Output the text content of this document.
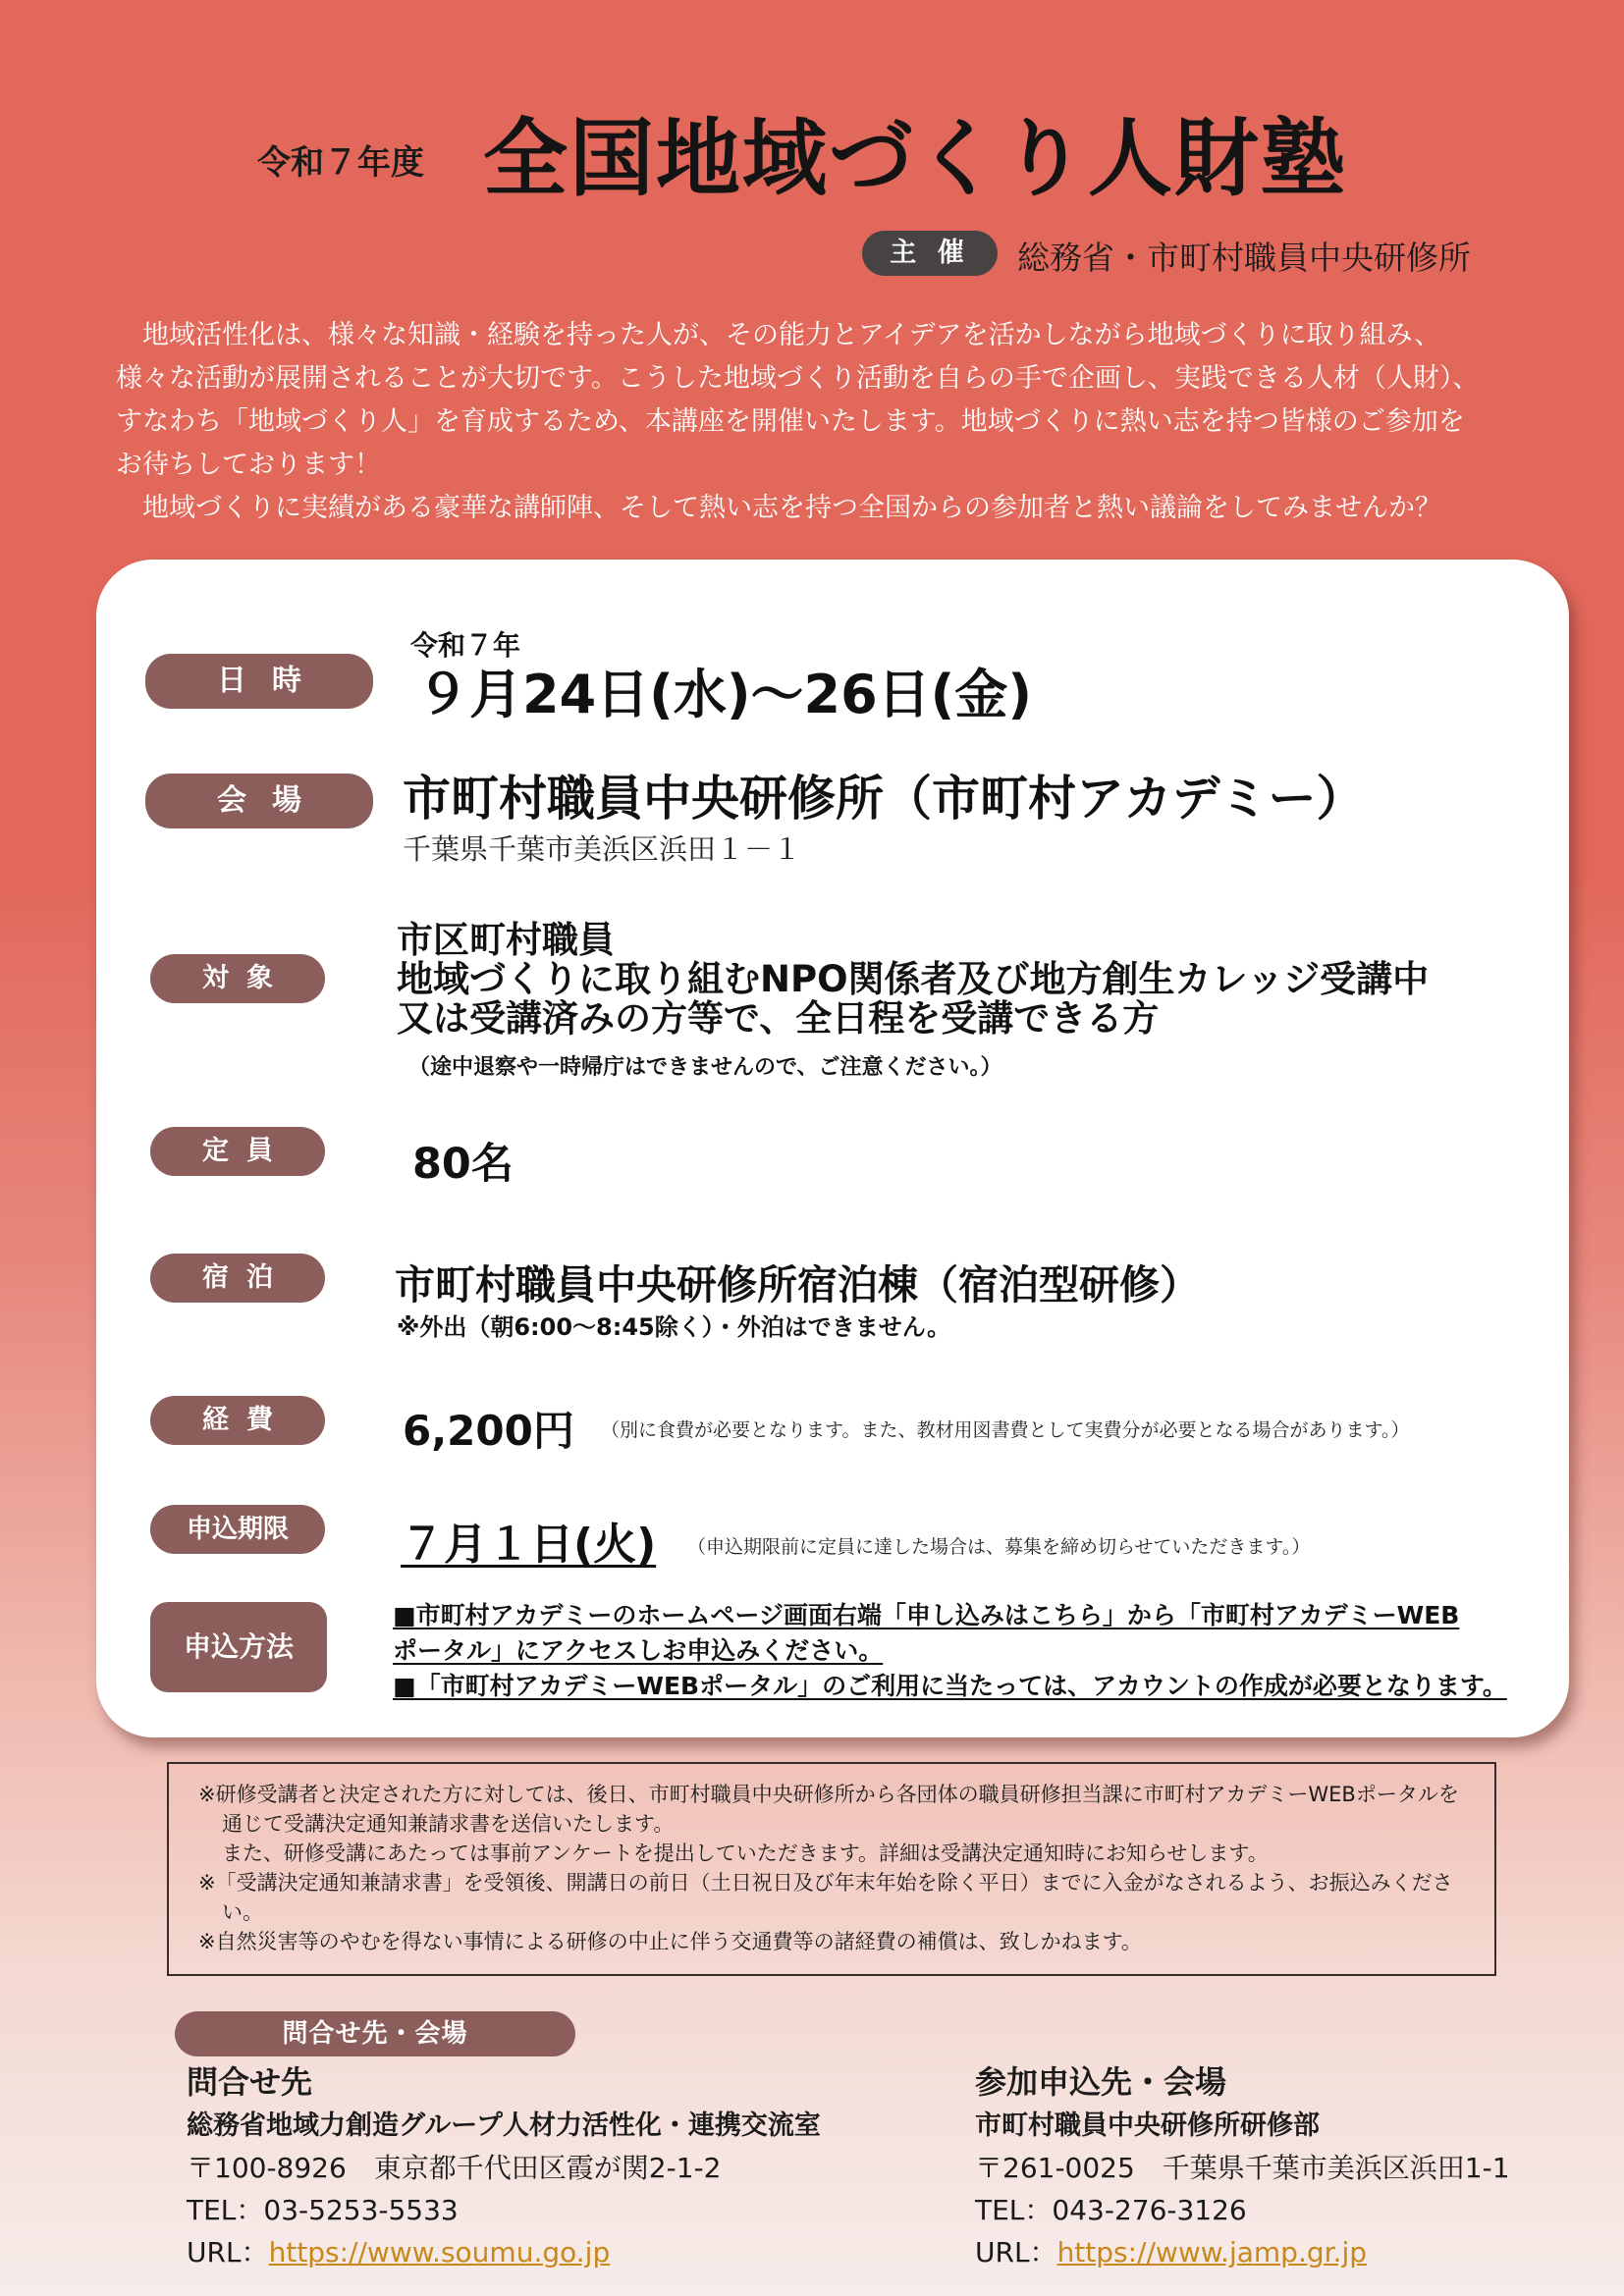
令和７年度 全国地域づくり人財塾
主 催	総務省・市町村職員中央研修所

地域活性化は、様々な知識・経験を持った人が、その能力とアイデアを活かしながら地域づくりに取り組み、

様々な活動が展開されることが大切です。こうした地域づくり活動を自らの手で企画し、実践できる人材（人財）、

すなわち「地域づくり人」を育成するため、本講座を開催いたします。地域づくりに熱い志を持つ皆様のご参加を

お待ちしております！

地域づくりに実績がある豪華な講師陣、そして熱い志を持つ全国からの参加者と熱い議論をしてみませんか？

日時
令和７年
９月24日(水)～26日(金)
会場	市町村職員中央研修所（市町村アカデミー）
千葉県千葉市美浜区浜田１－１
対象
市区町村職員
地域づくりに取り組むNPO関係者及び地方創生カレッジ受講中
又は受講済みの方等で、全日程を受講できる方
（途中退察や一時帰庁はできませんので、ご注意ください。）
定員	80名
宿泊	市町村職員中央研修所宿泊棟（宿泊型研修）
※外出（朝6:00～8:45除く）・外泊はできません。
経費	6,200円 （別に食費が必要となります。また、教材用図書費として実費分が必要となる場合があります。）
申込期限	７月１日(火) （申込期限前に定員に達した場合は、募集を締め切らせていただきます。）
申込方法
■市町村アカデミーのホームページ画面右端「申し込みはこちら」から「市町村アカデミーWEB
ポータル」にアクセスしお申込みください。
■「市町村アカデミーWEBポータル」のご利用に当たっては、アカウントの作成が必要となります。
※研修受講者と決定された方に対しては、後日、市町村職員中央研修所から各団体の職員研修担当課に市町村アカデミーWEBポータルを通じて受講決定通知兼請求書を送信いたします。
また、研修受講にあたっては事前アンケートを提出していただきます。詳細は受講決定通知時にお知らせします。
※「受講決定通知兼請求書」を受領後、開講日の前日（土日祝日及び年末年始を除く平日）までに入金がなされるよう、お振込みください。
※自然災害等のやむを得ない事情による研修の中止に伴う交通費等の諸経費の補償は、致しかねます。
問合せ先・会場
問合せ先
総務省地域力創造グループ人材力活性化・連携交流室
〒100-8926　東京都千代田区霞が関2-1-2
TEL：03-5253-5533
URL：https://www.soumu.go.jp
参加申込先・会場
市町村職員中央研修所研修部
〒261-0025　千葉県千葉市美浜区浜田1-1
TEL：043-276-3126
URL：https://www.jamp.gr.jp
